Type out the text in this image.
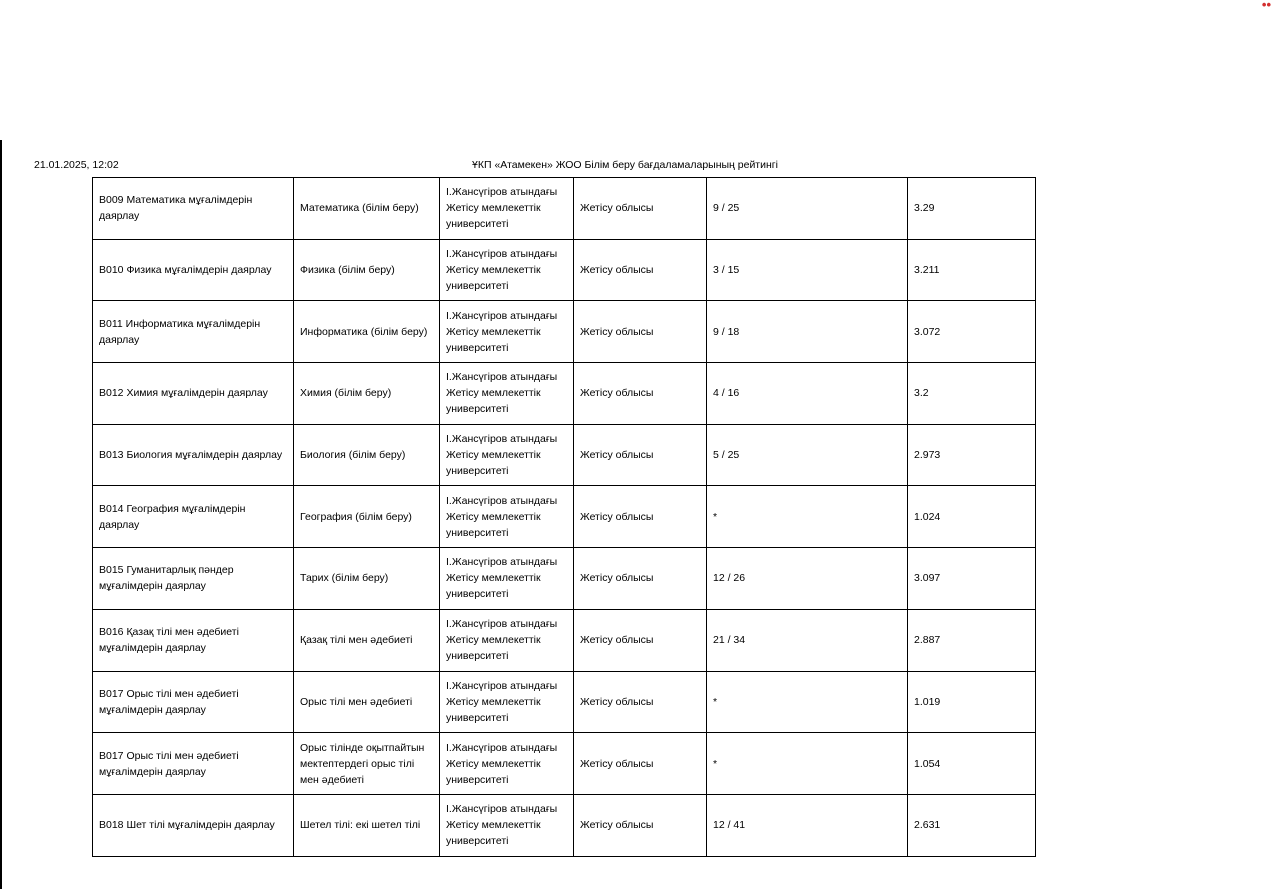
••
21.01.2025, 12:02	ҰКП «Атамекен» ЖОО Білім беру бағдаламаларының рейтингі
B009 Математика мұғалімдерін даярлау	Математика (білім беру)	І.Жансүгіров атындағы Жетісу мемлекеттік университеті	Жетісу облысы	9 / 25	3.29
B010 Физика мұғалімдерін даярлау	Физика (білім беру)	І.Жансүгіров атындағы Жетісу мемлекеттік университеті	Жетісу облысы	3 / 15	3.211
B011 Информатика мұғалімдерін даярлау	Информатика (білім беру)	І.Жансүгіров атындағы Жетісу мемлекеттік университеті	Жетісу облысы	9 / 18	3.072
B012 Химия мұғалімдерін даярлау	Химия (білім беру)	І.Жансүгіров атындағы Жетісу мемлекеттік университеті	Жетісу облысы	4 / 16	3.2
B013 Биология мұғалімдерін даярлау	Биология (білім беру)	І.Жансүгіров атындағы Жетісу мемлекеттік университеті	Жетісу облысы	5 / 25	2.973
B014 География мұғалімдерін даярлау	География (білім беру)	І.Жансүгіров атындағы Жетісу мемлекеттік университеті	Жетісу облысы	*	1.024
B015 Гуманитарлық пәндер мұғалімдерін даярлау	Тарих (білім беру)	І.Жансүгіров атындағы Жетісу мемлекеттік университеті	Жетісу облысы	12 / 26	3.097
B016 Қазақ тілі мен әдебиеті мұғалімдерін даярлау	Қазақ тілі мен әдебиеті	І.Жансүгіров атындағы Жетісу мемлекеттік университеті	Жетісу облысы	21 / 34	2.887
B017 Орыс тілі мен әдебиеті мұғалімдерін даярлау	Орыс тілі мен әдебиеті	І.Жансүгіров атындағы Жетісу мемлекеттік университеті	Жетісу облысы	*	1.019
B017 Орыс тілі мен әдебиеті мұғалімдерін даярлау	Орыс тілінде оқытпайтын мектептердегі орыс тілі мен әдебиеті	І.Жансүгіров атындағы Жетісу мемлекеттік университеті	Жетісу облысы	*	1.054
B018 Шет тілі мұғалімдерін даярлау	Шетел тілі: екі шетел тілі	І.Жансүгіров атындағы Жетісу мемлекеттік университеті	Жетісу облысы	12 / 41	2.631
